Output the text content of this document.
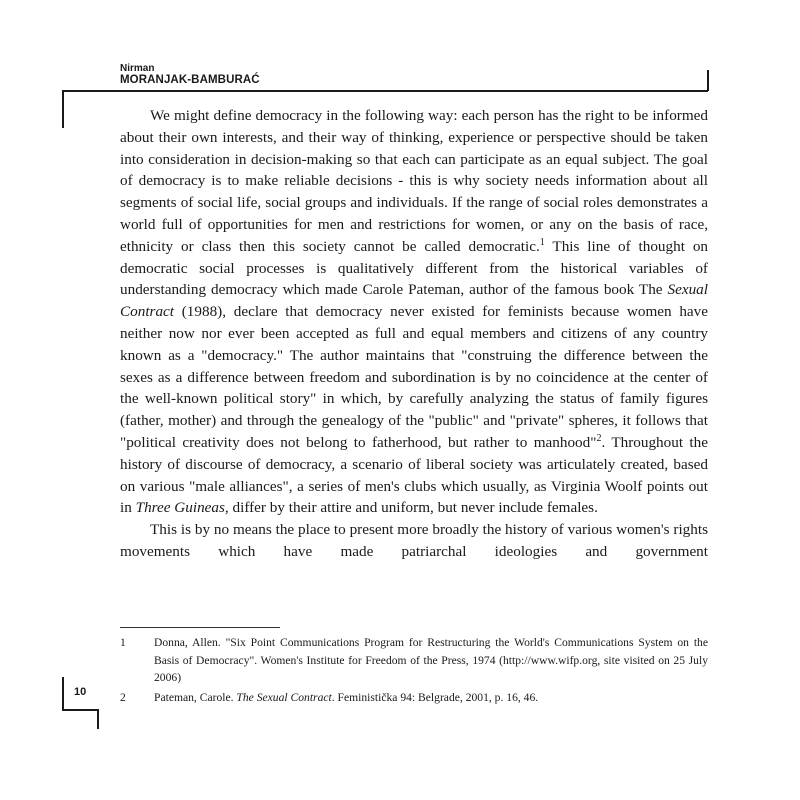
Nirman
MORANJAK-BAMBURAĆ

We might define democracy in the following way: each person has the right to be informed about their own interests, and their way of thinking, experience or perspective should be taken into consideration in decision-making so that each can participate as an equal subject. The goal of democracy is to make reliable decisions - this is why society needs information about all segments of social life, social groups and individuals. If the range of social roles demonstrates a world full of opportunities for men and restrictions for women, or any on the basis of race, ethnicity or class then this society cannot be called democratic.$^1$ This line of thought on democratic social processes is qualitatively different from the historical variables of understanding democracy which made Carole Pateman, author of the famous book The Sexual Contract (1988), declare that democracy never existed for feminists because women have neither now nor ever been accepted as full and equal members and citizens of any country known as a "democracy." The author maintains that "construing the difference between the sexes as a difference between freedom and subordination is by no coincidence at the center of the well-known political story" in which, by carefully analyzing the status of family figures (father, mother) and through the genealogy of the "public" and "private" spheres, it follows that "political creativity does not belong to fatherhood, but rather to manhood"$^2$. Throughout the history of discourse of democracy, a scenario of liberal society was articulately created, based on various "male alliances", a series of men's clubs which usually, as Virginia Woolf points out in Three Guineas, differ by their attire and uniform, but never include females.

This is by no means the place to present more broadly the history of various women's rights movements which have made patriarchal ideologies and government

1	Donna, Allen. "Six Point Communications Program for Restructuring the World's Communications System on the Basis of Democracy". Women's Institute for Freedom of the Press, 1974 (http://www.wifp.org, site visited on 25 July 2006)
2	Pateman, Carole. The Sexual Contract. Feministička 94: Belgrade, 2001, p. 16, 46.
10
